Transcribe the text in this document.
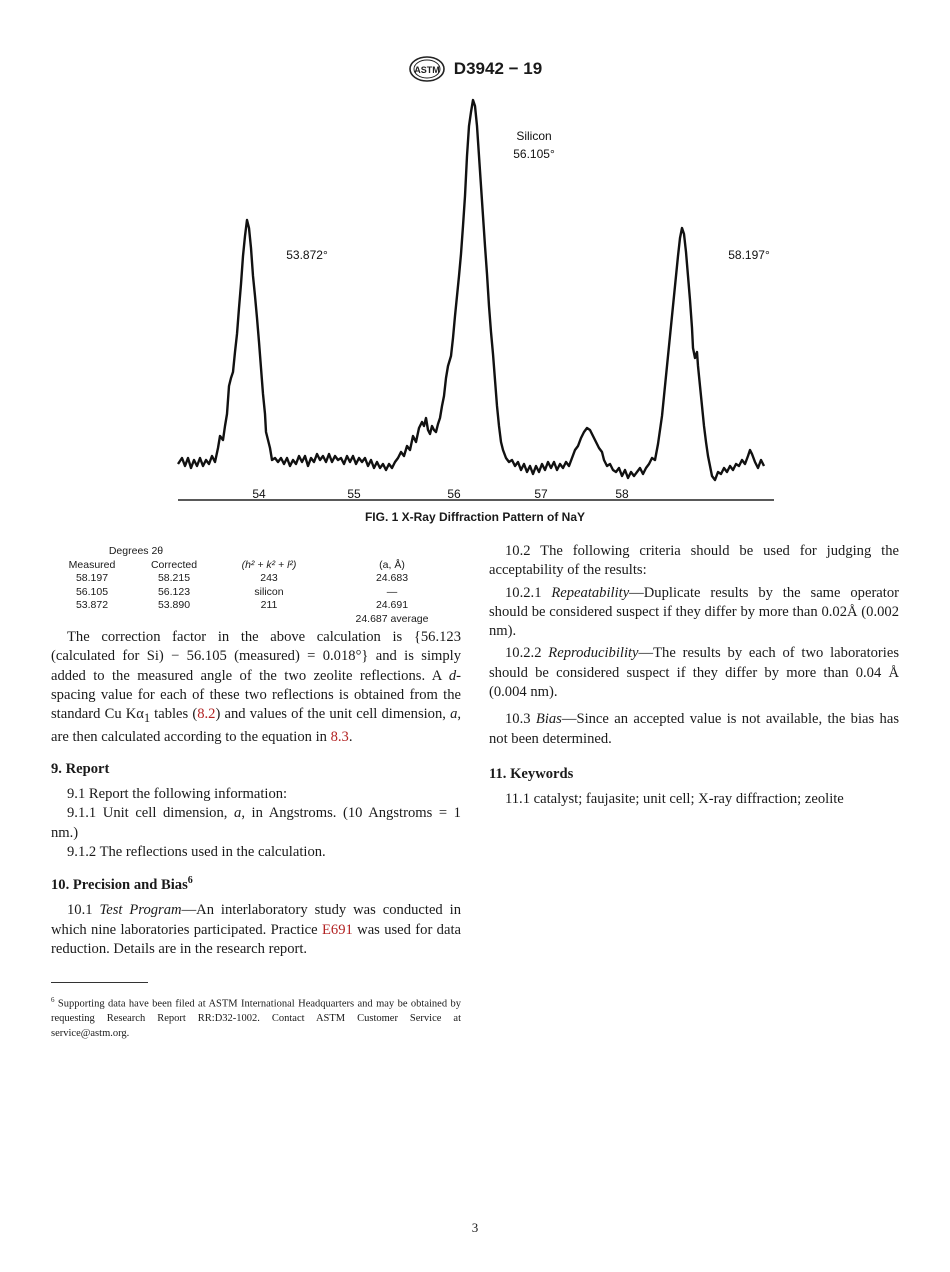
ASTM D3942 − 19
54	55	56	57	58
53.872°
Silicon
56.105°
58.197°
FIG. 1 X-Ray Diffraction Pattern of NaY
Degrees 2θ
Measured	Corrected	(h² + k² + l²)	(a, Å)
58.197	58.215	243	24.683
56.105	56.123	silicon	—
53.872	53.890	211	24.691
24.687 average

The correction factor in the above calculation is {56.123 (calculated for Si) − 56.105 (measured) = 0.018°} and is simply added to the measured angle of the two zeolite reflections. A d-spacing value for each of these two reflections is obtained from the standard Cu $K\alpha_1$ tables (8.2) and values of the unit cell dimension, a, are then calculated according to the equation in 8.3.

9. Report

9.1 Report the following information:

9.1.1 Unit cell dimension, a, in Angstroms. (10 Angstroms = 1 nm.)

9.1.2 The reflections used in the calculation.

10. Precision and Bias$^6$

10.1 Test Program—An interlaboratory study was conducted in which nine laboratories participated. Practice E691 was used for data reduction. Details are in the research report.

10.2 The following criteria should be used for judging the acceptability of the results:

10.2.1 Repeatability—Duplicate results by the same operator should be considered suspect if they differ by more than 0.02Å (0.002 nm).

10.2.2 Reproducibility—The results by each of two laboratories should be considered suspect if they differ by more than 0.04 Å (0.004 nm).

10.3 Bias—Since an accepted value is not available, the bias has not been determined.

11. Keywords

11.1 catalyst; faujasite; unit cell; X-ray diffraction; zeolite

$^6$ Supporting data have been filed at ASTM International Headquarters and may be obtained by requesting Research Report RR:D32-1002. Contact ASTM Customer Service at service@astm.org.
3
